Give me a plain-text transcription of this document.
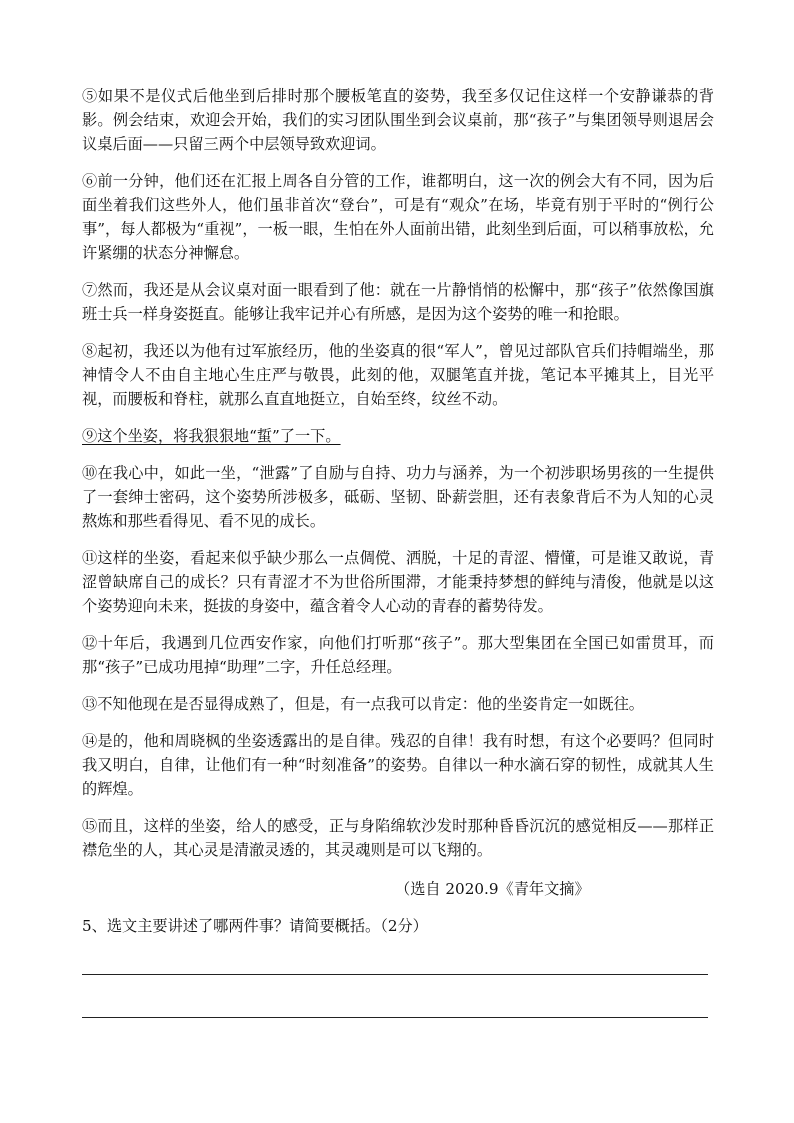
⑤如果不是仪式后他坐到后排时那个腰板笔直的姿势，我至多仅记住这样一个安静谦恭的背影。例会结束，欢迎会开始，我们的实习团队围坐到会议桌前，那“孩子”与集团领导则退居会议桌后面——只留三两个中层领导致欢迎词。

⑥前一分钟，他们还在汇报上周各自分管的工作，谁都明白，这一次的例会大有不同，因为后面坐着我们这些外人，他们虽非首次“登台”，可是有“观众”在场，毕竟有别于平时的“例行公事”，每人都极为“重视”，一板一眼，生怕在外人面前出错，此刻坐到后面，可以稍事放松，允许紧绷的状态分神懈怠。

⑦然而，我还是从会议桌对面一眼看到了他：就在一片静悄悄的松懈中，那“孩子”依然像国旗班士兵一样身姿挺直。能够让我牢记并心有所感，是因为这个姿势的唯一和抢眼。

⑧起初，我还以为他有过军旅经历，他的坐姿真的很“军人”，曾见过部队官兵们持帽端坐，那神情令人不由自主地心生庄严与敬畏，此刻的他，双腿笔直并拢，笔记本平摊其上，目光平视，而腰板和脊柱，就那么直直地挺立，自始至终，纹丝不动。

⑨这个坐姿，将我狠狠地“蜇”了一下。

⑩在我心中，如此一坐，“泄露”了自励与自持、功力与涵养，为一个初涉职场男孩的一生提供了一套绅士密码，这个姿势所涉极多，砥砺、坚韧、卧薪尝胆，还有表象背后不为人知的心灵熬炼和那些看得见、看不见的成长。

⑪这样的坐姿，看起来似乎缺少那么一点倜傥、洒脱，十足的青涩、懵懂，可是谁又敢说，青涩曾缺席自己的成长？只有青涩才不为世俗所围滞，才能秉持梦想的鲜纯与清俊，他就是以这个姿势迎向未来，挺拔的身姿中，蕴含着令人心动的青春的蓄势待发。

⑫十年后，我遇到几位西安作家，向他们打听那“孩子”。那大型集团在全国已如雷贯耳，而那“孩子”已成功甩掉“助理”二字，升任总经理。

⑬不知他现在是否显得成熟了，但是，有一点我可以肯定：他的坐姿肯定一如既往。

⑭是的，他和周晓枫的坐姿透露出的是自律。残忍的自律！我有时想，有这个必要吗？但同时我又明白，自律，让他们有一种“时刻准备”的姿势。自律以一种水滴石穿的韧性，成就其人生的辉煌。

⑮而且，这样的坐姿，给人的感受，正与身陷绵软沙发时那种昏昏沉沉的感觉相反——那样正襟危坐的人，其心灵是清澈灵透的，其灵魂则是可以飞翔的。

（选自 2020.9《青年文摘》
5、选文主要讲述了哪两件事？请简要概括。（2分）
